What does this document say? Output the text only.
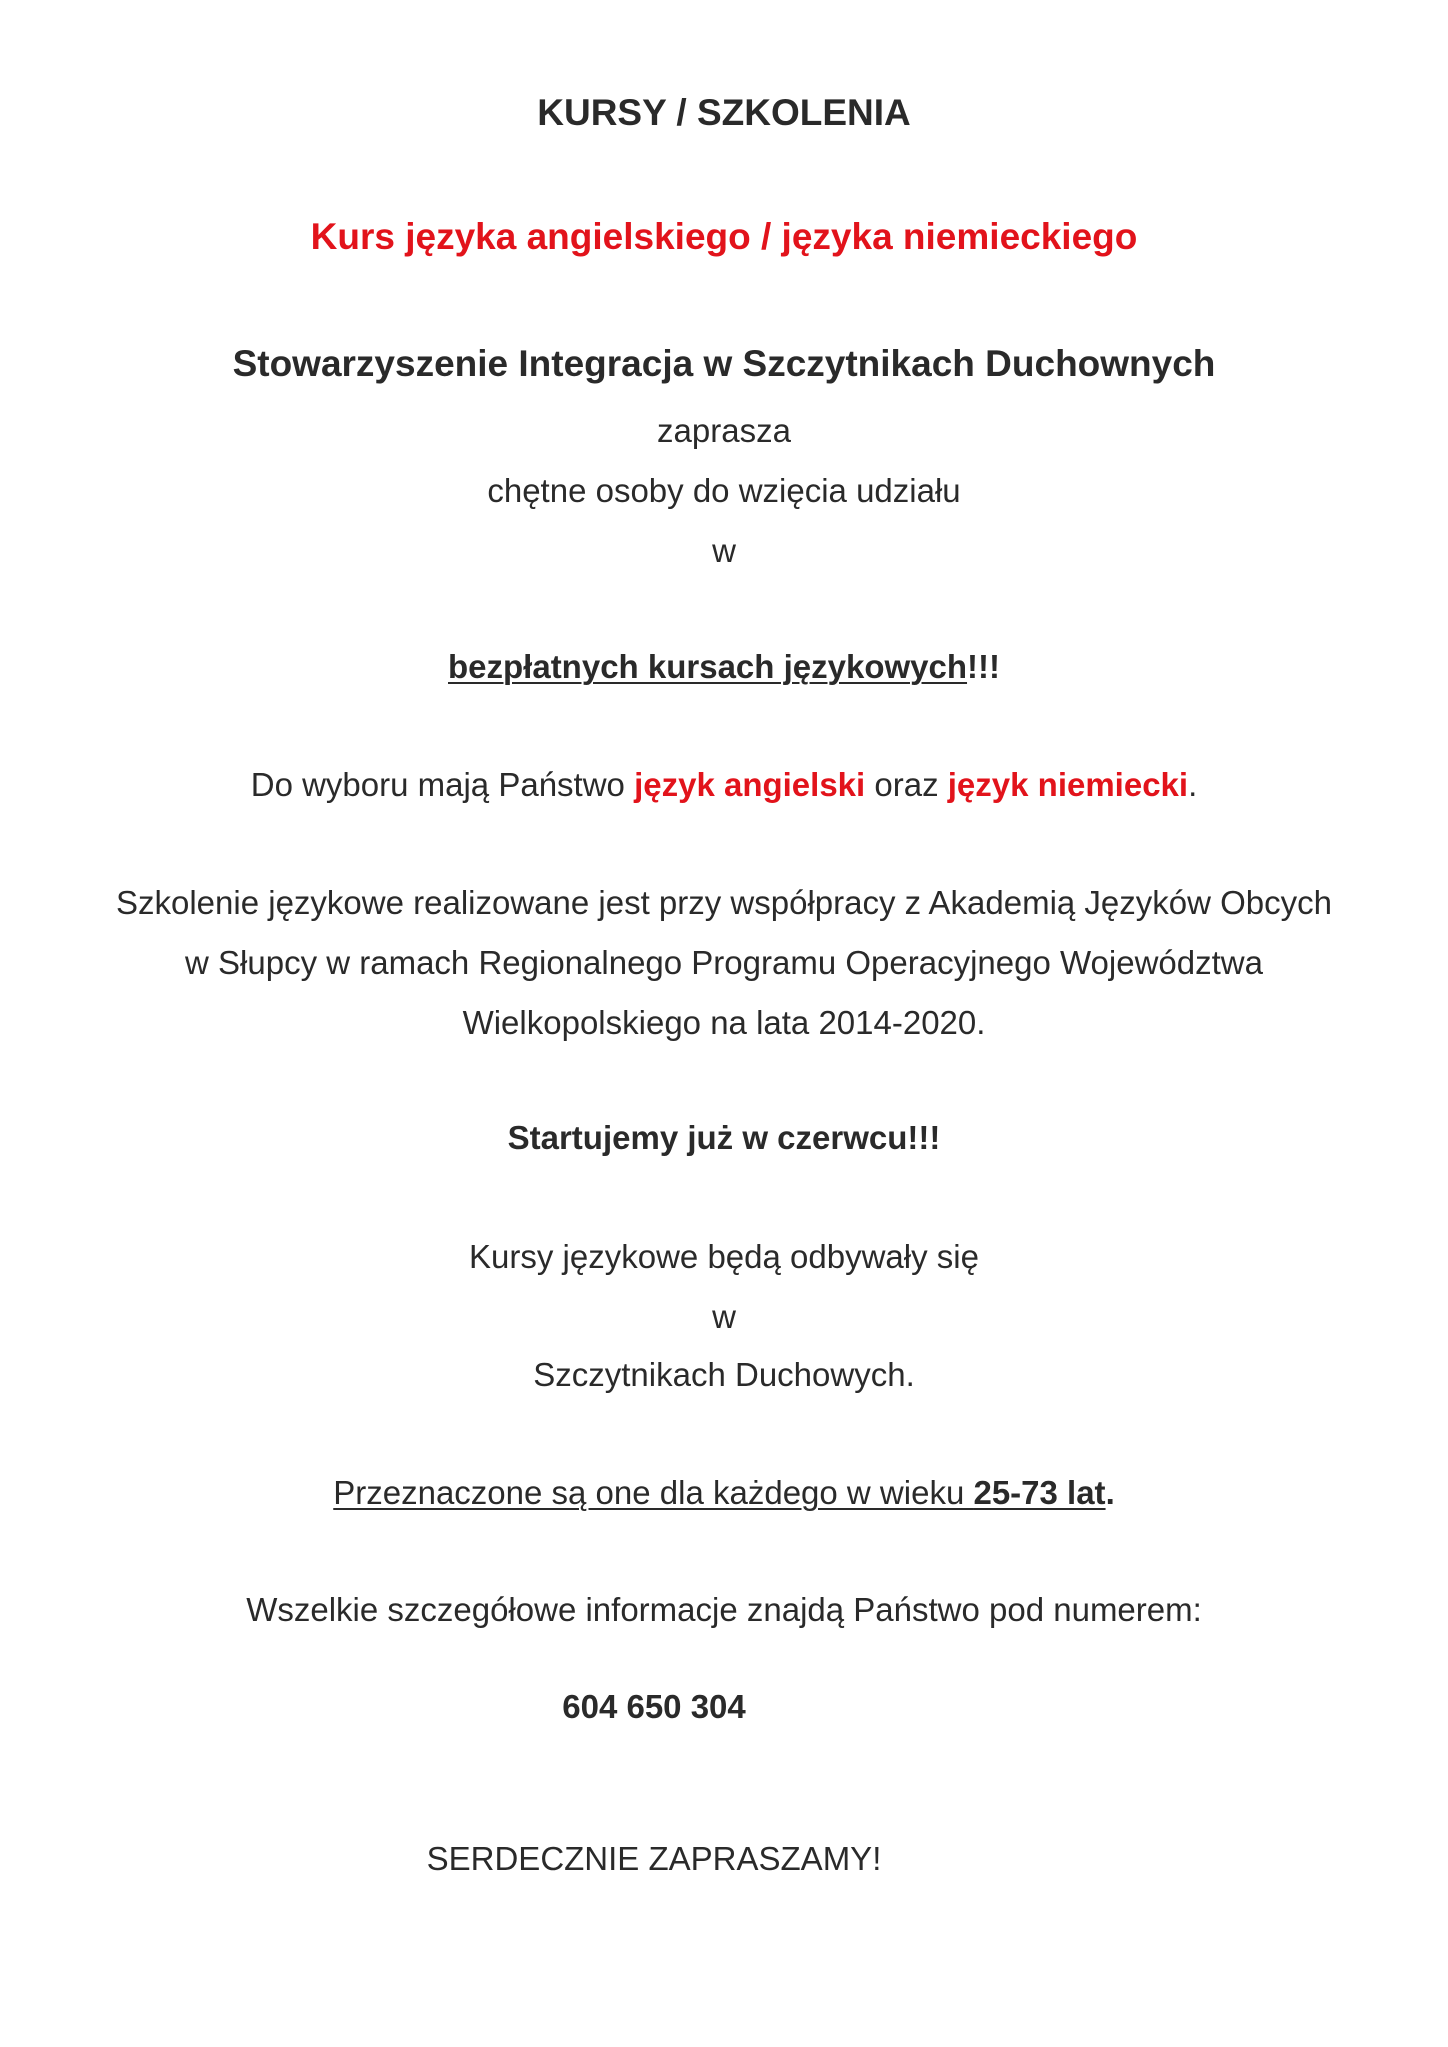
KURSY / SZKOLENIA
Kurs języka angielskiego / języka niemieckiego
Stowarzyszenie Integracja w Szczytnikach Duchownych
zaprasza
chętne osoby do wzięcia udziału
w
bezpłatnych kursach językowych!!!
Do wyboru mają Państwo język angielski oraz język niemiecki.
Szkolenie językowe realizowane jest przy współpracy z Akademią Języków Obcych
w Słupcy w ramach Regionalnego Programu Operacyjnego Województwa
Wielkopolskiego na lata 2014-2020.
Startujemy już w czerwcu!!!
Kursy językowe będą odbywały się
w
Szczytnikach Duchowych.
Przeznaczone są one dla każdego w wieku 25-73 lat.
Wszelkie szczegółowe informacje znajdą Państwo pod numerem:
604 650 304
SERDECZNIE ZAPRASZAMY!
